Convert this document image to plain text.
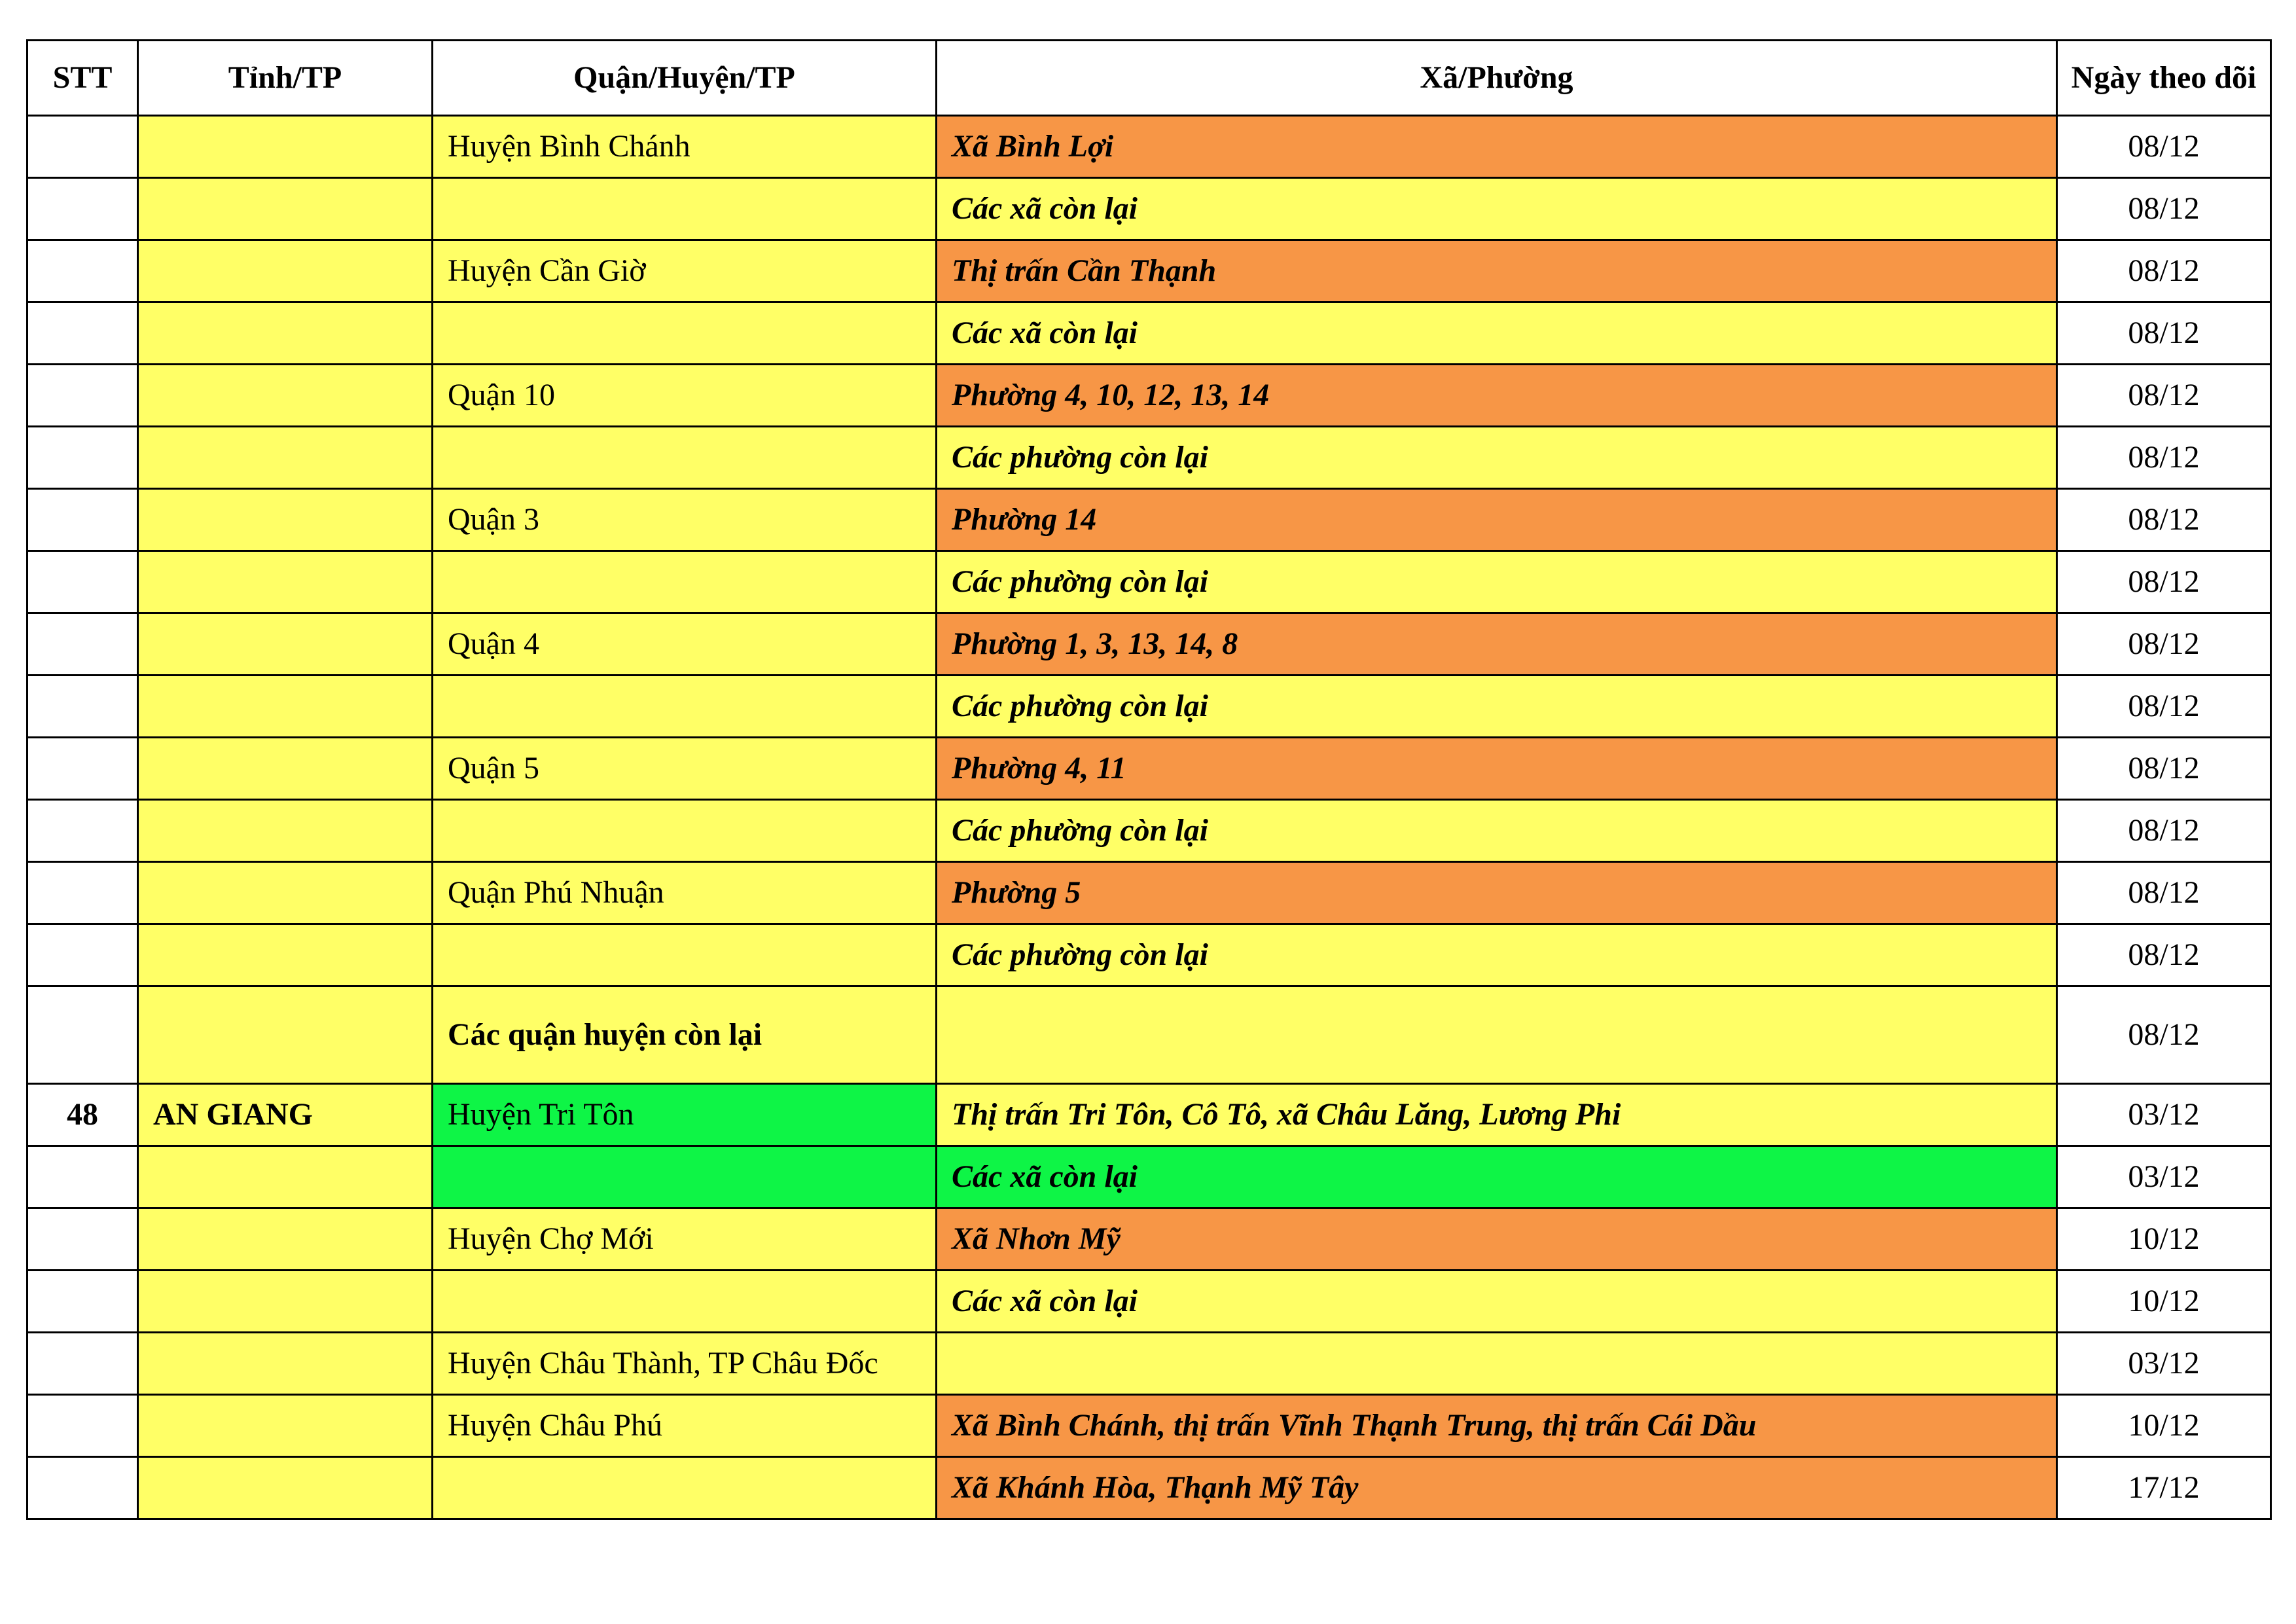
STT	Tỉnh/TP	Quận/Huyện/TP	Xã/Phường	Ngày theo dõi
		Huyện Bình Chánh	Xã Bình Lợi	08/12
			Các xã còn lại	08/12
		Huyện Cần Giờ	Thị trấn Cần Thạnh	08/12
			Các xã còn lại	08/12
		Quận 10	Phường 4, 10, 12, 13, 14	08/12
			Các phường còn lại	08/12
		Quận 3	Phường 14	08/12
			Các phường còn lại	08/12
		Quận 4	Phường 1, 3, 13, 14, 8	08/12
			Các phường còn lại	08/12
		Quận 5	Phường 4, 11	08/12
			Các phường còn lại	08/12
		Quận Phú Nhuận	Phường 5	08/12
			Các phường còn lại	08/12
		Các quận huyện còn lại		08/12
48	AN GIANG	Huyện Tri Tôn	Thị trấn Tri Tôn, Cô Tô, xã Châu Lăng, Lương Phi	03/12
			Các xã còn lại	03/12
		Huyện Chợ Mới	Xã Nhơn Mỹ	10/12
			Các xã còn lại	10/12
		Huyện Châu Thành, TP Châu Đốc		03/12
		Huyện Châu Phú	Xã Bình Chánh, thị trấn Vĩnh Thạnh Trung, thị trấn Cái Dầu	10/12
			Xã Khánh Hòa, Thạnh Mỹ Tây	17/12
